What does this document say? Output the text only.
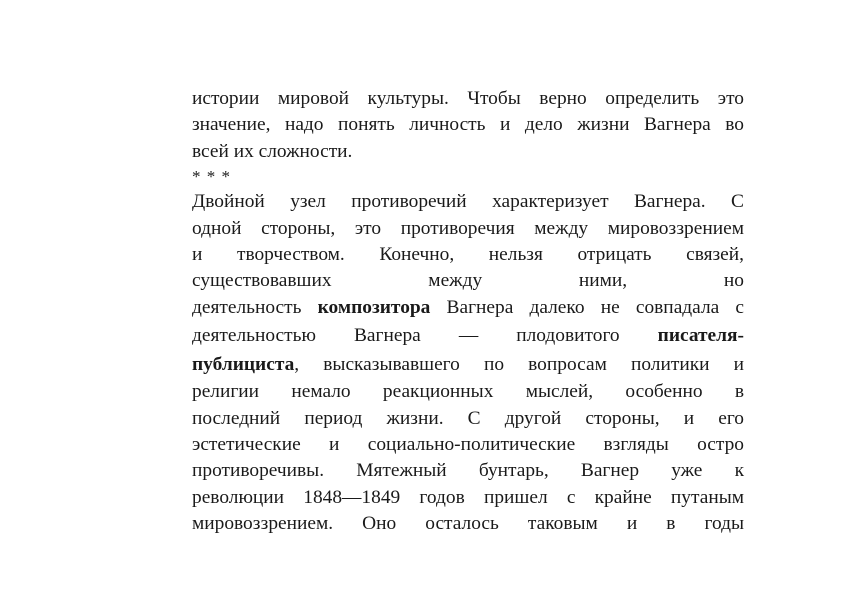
истории мировой культуры. Чтобы верно определить это
значение, надо понять личность и дело жизни Вагнера во
всей их сложности.
* * *
Двойной узел противоречий характеризует Вагнера. С
одной стороны, это противоречия между мировоззрением
и творчеством. Конечно, нельзя отрицать связей,
существовавших между ними, но
деятельность композитора Вагнера далеко не совпадала с
деятельностью Вагнера — плодовитого писателя-
публициста, высказывавшего по вопросам политики и
религии немало реакционных мыслей, особенно в
последний период жизни. С другой стороны, и его
эстетические и социально-политические взгляды остро
противоречивы. Мятежный бунтарь, Вагнер уже к
революции 1848—1849 годов пришел с крайне путаным
мировоззрением. Оно осталось таковым и в годы
